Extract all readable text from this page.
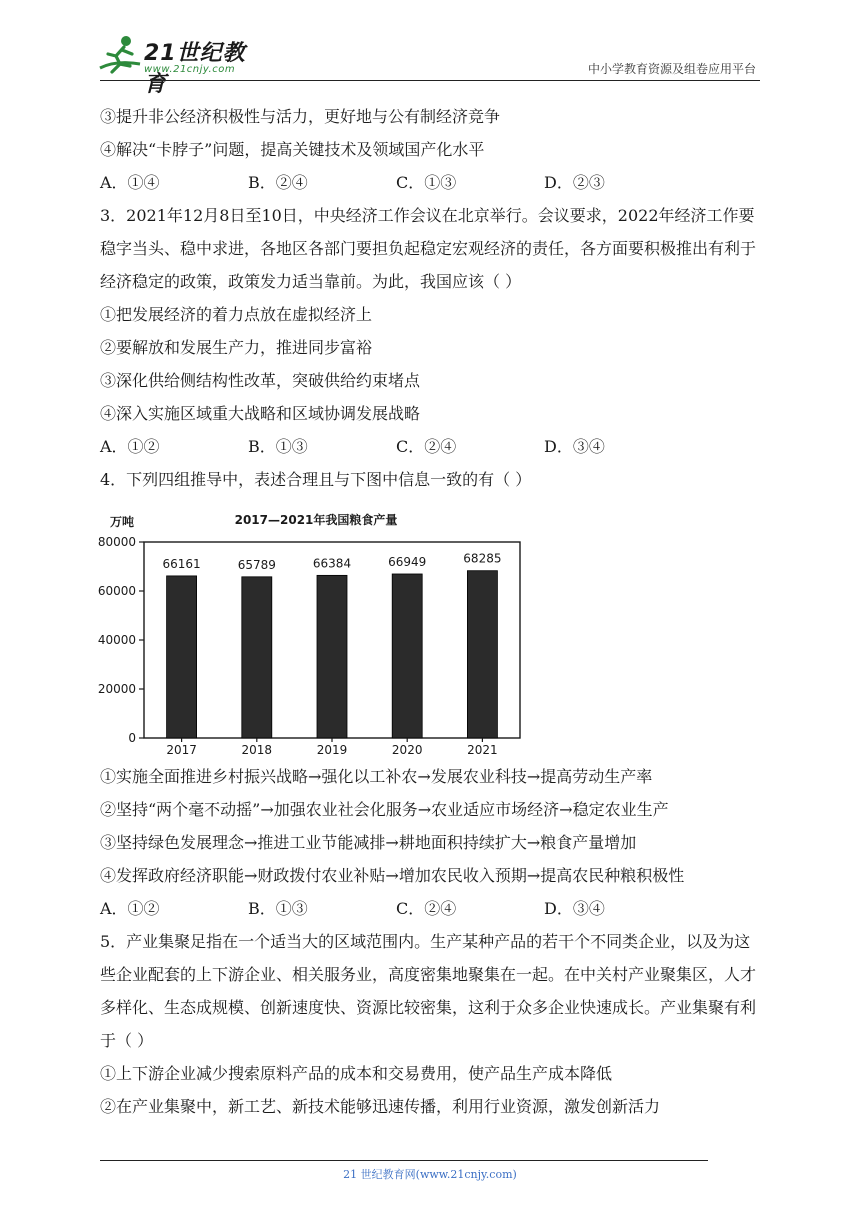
21世纪教育
www.21cnjy.com	中小学教育资源及组卷应用平台
③提升非公经济积极性与活力，更好地与公有制经济竞争
④解决“卡脖子”问题，提高关键技术及领域国产化水平
A．①④	B．②④	C．①③	D．②③
3．2021年12月8日至10日，中央经济工作会议在北京举行。会议要求，2022年经济工作要稳字当头、稳中求进，各地区各部门要担负起稳定宏观经济的责任，各方面要积极推出有利于经济稳定的政策，政策发力适当靠前。为此，我国应该（ ）
①把发展经济的着力点放在虚拟经济上
②要解放和发展生产力，推进同步富裕
③深化供给侧结构性改革，突破供给约束堵点
④深入实施区域重大战略和区域协调发展战略
A．①②	B．①③	C．②④	D．③④
4．下列四组推导中，表述合理且与下图中信息一致的有（ ）
万吨	2017—2021年我国粮食产量
0
20000
40000
60000
80000
66161	65789	66384	66949	68285
2017	2018	2019	2020	2021
①实施全面推进乡村振兴战略→强化以工补农→发展农业科技→提高劳动生产率
②坚持“两个毫不动摇”→加强农业社会化服务→农业适应市场经济→稳定农业生产
③坚持绿色发展理念→推进工业节能减排→耕地面积持续扩大→粮食产量增加
④发挥政府经济职能→财政拨付农业补贴→增加农民收入预期→提高农民种粮积极性
A．①②	B．①③	C．②④	D．③④
5．产业集聚足指在一个适当大的区域范围内。生产某种产品的若干个不同类企业，以及为这些企业配套的上下游企业、相关服务业，高度密集地聚集在一起。在中关村产业聚集区，人才多样化、生态成规模、创新速度快、资源比较密集，这利于众多企业快速成长。产业集聚有利于（ ）
①上下游企业减少搜索原料产品的成本和交易费用，使产品生产成本降低
②在产业集聚中，新工艺、新技术能够迅速传播，利用行业资源，激发创新活力
21 世纪教育网(www.21cnjy.com)
